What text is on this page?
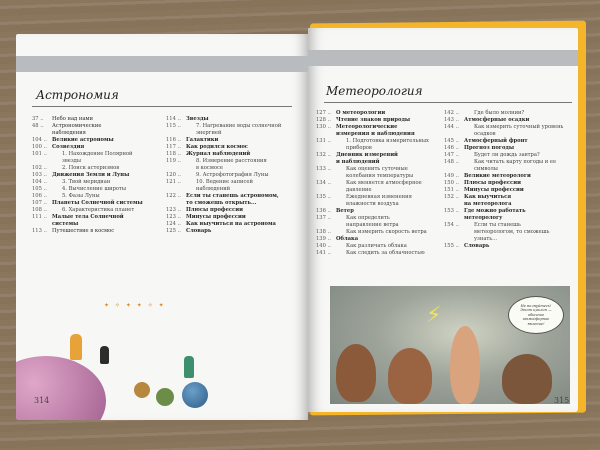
Астрономия
37 ..	Небо над нами
48 ..	Астрономические
наблюдения
104 .. Великие астрономы
100 .. Созвездия
101 ..	1. Нахождение Полярной
звезды
102 ..	2. Поиск астеризмов
103 .. Движения Земли и Луны
104 ..	3. Твой меридиан
105 ..	4. Вычисление широты
106 ..	5. Фазы Луны
107 .. Планеты Солнечной системы
108 ..	6. Характеристика планет
111 .. Малые тела Солнечной
системы
113 .. Путешествие в космос
114 .. Звезды
115 ..	7. Нагревание воды солнечной
энергией
116 .. Галактики
117 .. Как родился космос
118 .. Журнал наблюдений
119 ..	8. Измерение расстояния
в космосе
120 ..	9. Астрофотография Луны
121 ..	10. Ведение записей
наблюдений
122 .. Если ты станешь астрономом,
то сможешь открыть...
123 .. Плюсы профессии
123 .. Минусы профессии
124 .. Как выучиться на астронома
125 .. Словарь
✦ ✧ ✦ ✦ ✧ ✦
314
Метеорология
127 .. О метеорологии
128 .. Чтение знаков природы
130 .. Метеорологические
измерения и наблюдения
131 ..	1. Подготовка измерительных
приборов
132 .. Дневник измерений
и наблюдений
133 ..	Как оценить суточные
колебания температуры
134 ..	Как меняется атмосферное
давление
135 ..	Ежедневная изменения
влажности воздуха
136 .. Ветер
137 ..	Как определить
направление ветра
138 ..	Как измерить скорость ветра
139 .. Облака
140 ..	Как различать облака
141 ..	Как следить за облачностью
142 ..	Где было молнии?
143 .. Атмосферные осадки
144 ..	Как измерить суточный уровень
осадков
145 .. Атмосферный фронт
146 .. Прогноз погоды
147 ..	Будет ли дождь завтра?
148 ..	Как читать карту погоды и ее
символы
149 .. Великие метеорологи
150 .. Плюсы профессии
151 .. Минусы профессии
152 .. Как выучиться
на метеоролога
153 .. Где можно работать
метеорологу
154 ..	Если ты станешь
метеорологом, то сможешь
узнать...
155 .. Словарь
⚡	Не волнуйтесь! Этот циклон — обычное атмосферное явление!
315
